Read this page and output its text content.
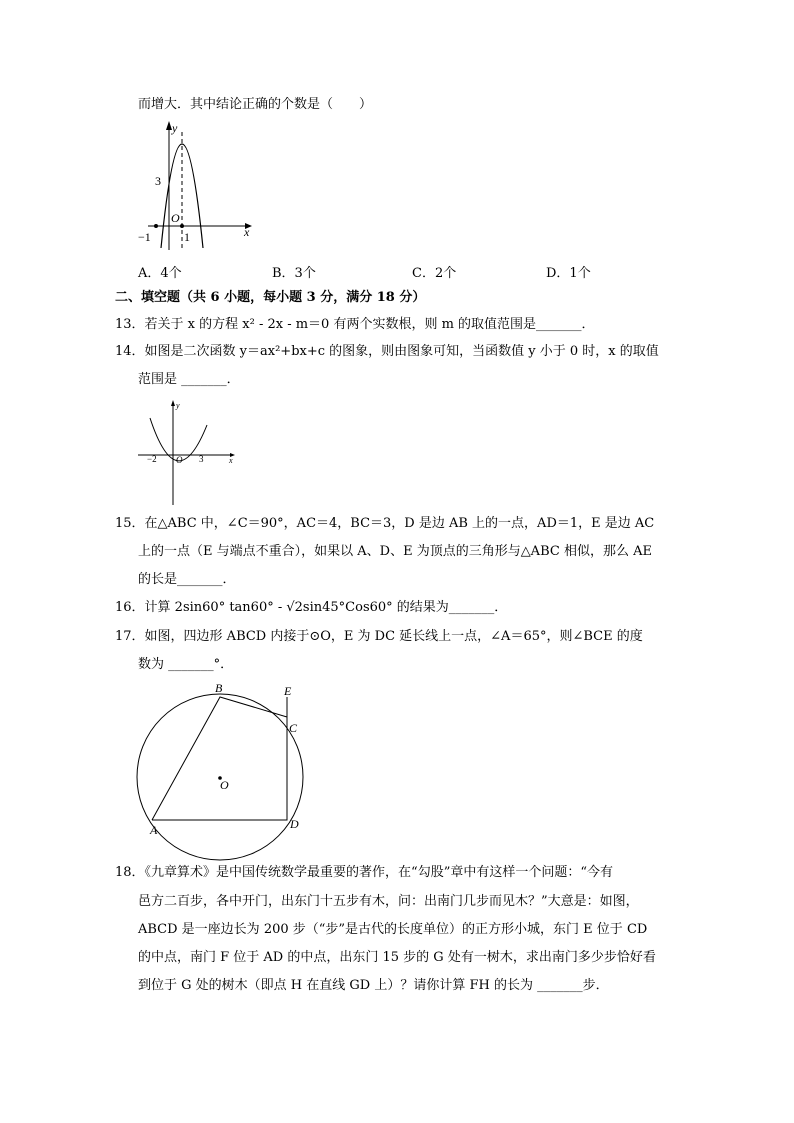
而增大．其中结论正确的个数是（　　）
y
x
3
O
−1	1
A．4个	B．3个	C．2个	D．1个
二、填空题（共 6 小题，每小题 3 分，满分 18 分）
13．若关于 x 的方程 x² - 2x - m＝0 有两个实数根，则 m 的取值范围是_______．
14．如图是二次函数 y＝ax²+bx+c 的图象，则由图象可知，当函数值 y 小于 0 时，x 的取值
范围是 _______．
y
x
−2 O 3
15．在△ABC 中，∠C＝90°，AC＝4，BC＝3，D 是边 AB 上的一点，AD＝1，E 是边 AC
上的一点（E 与端点不重合），如果以 A、D、E 为顶点的三角形与△ABC 相似，那么 AE
的长是_______．
16．计算 2sin60° tan60° - √2sin45°Cos60° 的结果为_______．
17．如图，四边形 ABCD 内接于⊙O，E 为 DC 延长线上一点，∠A＝65°，则∠BCE 的度
数为 _______°．
A
B
C
D
E
O
18．《九章算术》是中国传统数学最重要的著作，在“勾股”章中有这样一个问题：“今有
邑方二百步，各中开门，出东门十五步有木，问：出南门几步而见木？”大意是：如图，
ABCD 是一座边长为 200 步（“步”是古代的长度单位）的正方形小城，东门 E 位于 CD
的中点，南门 F 位于 AD 的中点，出东门 15 步的 G 处有一树木，求出南门多少步恰好看
到位于 G 处的树木（即点 H 在直线 GD 上）？请你计算 FH 的长为 _______步．
